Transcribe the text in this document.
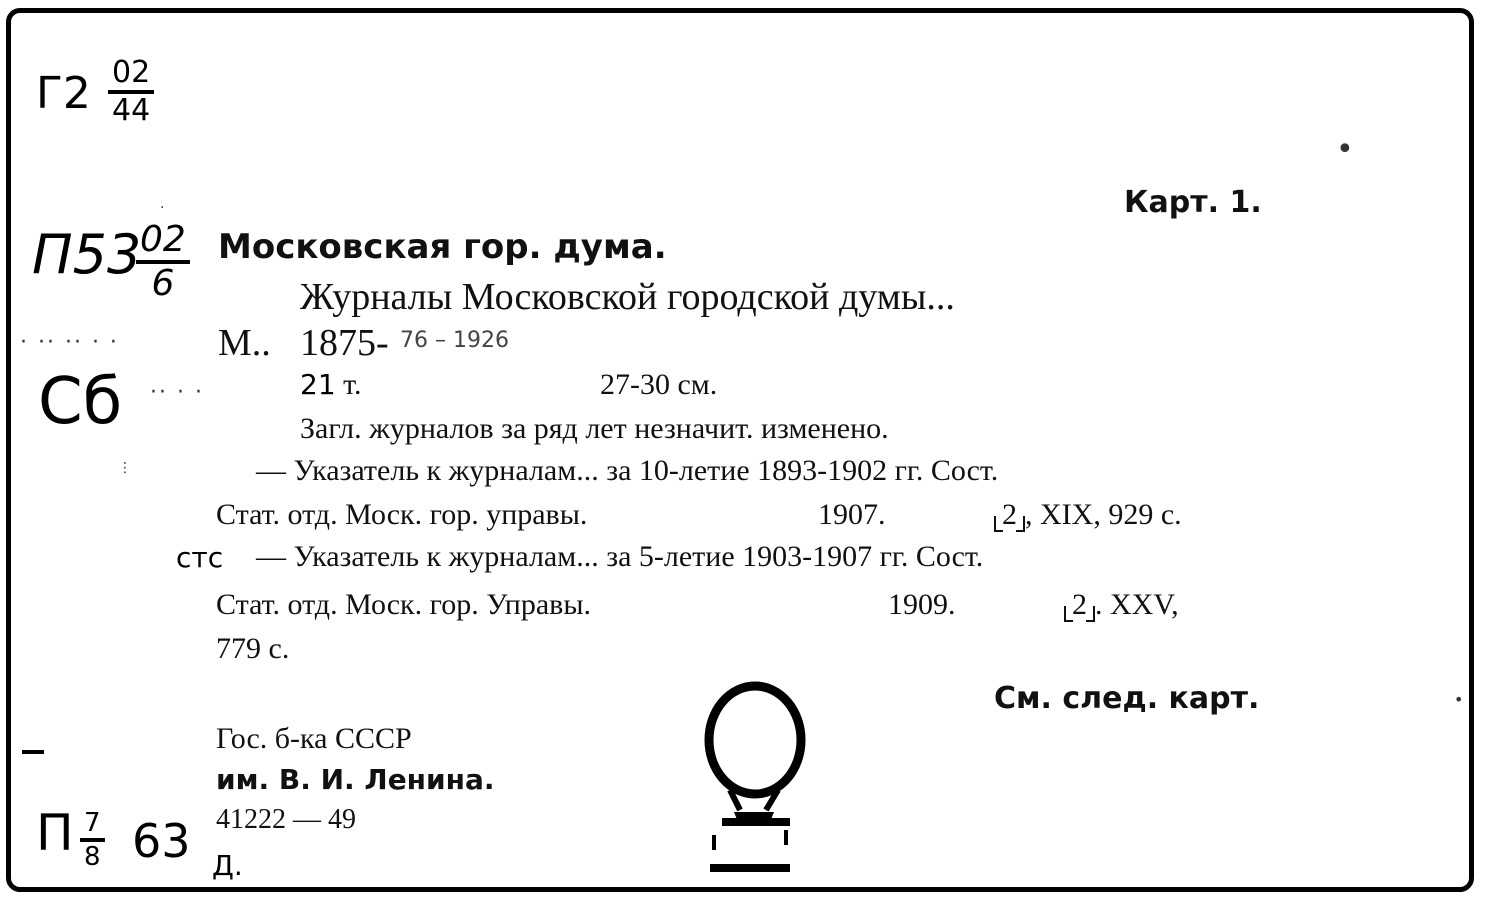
$Г2 \frac{02}{44}$
П53
$\frac{02}{6}$
Сб
· ·· ·· · ·
·· · ·
Карт. 1.
Московская гор. дума.
Журналы Московской городской думы...
М.. 1875- 76 – 1926
21 т.	27-30 см.
Загл. журналов за ряд лет незначит. изменено.
— Указатель к журналам... за 10-летие 1893-1902 гг. Сост.
Стат. отд. Моск. гор. управы.	1907.	2 , XIX, 929 с.
стс — Указатель к журналам... за 5-летие 1903-1907 гг. Сост.
Стат. отд. Моск. гор. Управы.	1909.	2 . XXV,
779 с.
См. след. карт.
Гос. б-ка СССР
им. В. И. Ленина.
41222 — 49
П $\frac{7}{8} 63$ Д.
•
•
·
⋮
